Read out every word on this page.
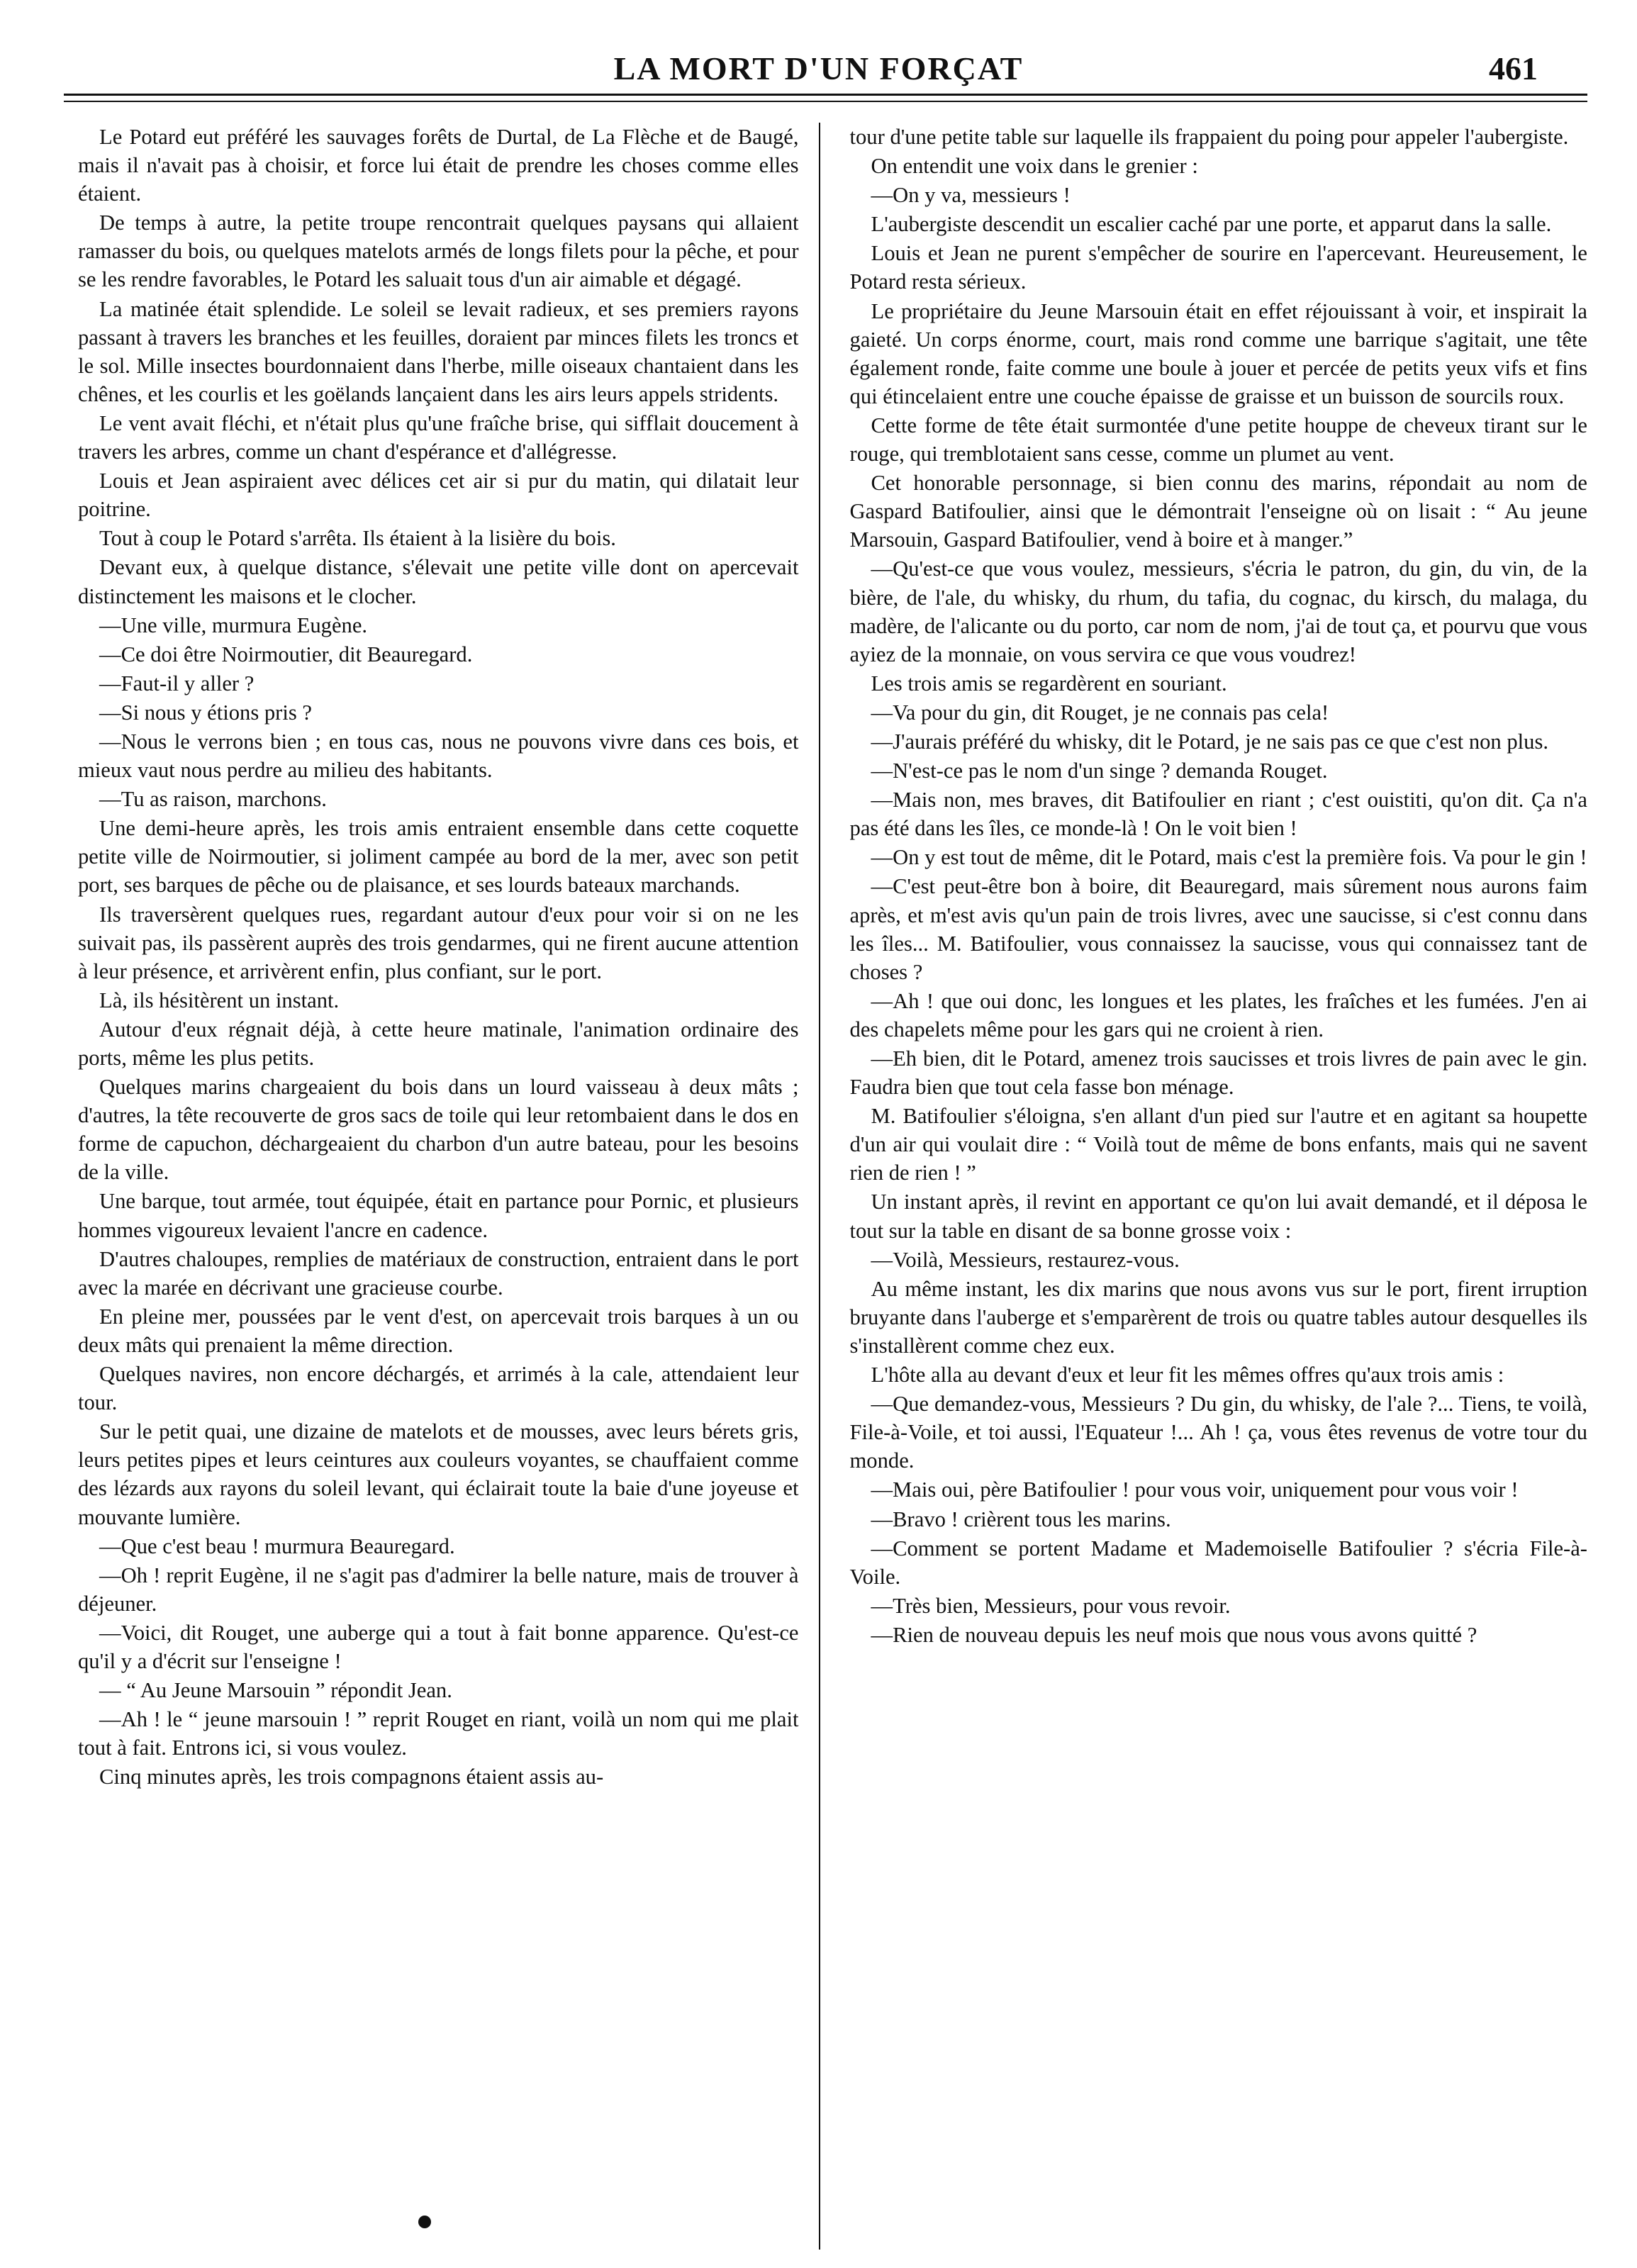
LA MORT D'UN FORÇAT	461

Le Potard eut préféré les sauvages forêts de Durtal, de La Flèche et de Baugé, mais il n'avait pas à choisir, et force lui était de prendre les choses comme elles étaient.

De temps à autre, la petite troupe rencontrait quelques paysans qui allaient ramasser du bois, ou quelques matelots armés de longs filets pour la pêche, et pour se les rendre favorables, le Potard les saluait tous d'un air aimable et dégagé.

La matinée était splendide. Le soleil se levait radieux, et ses premiers rayons passant à travers les branches et les feuilles, doraient par minces filets les troncs et le sol. Mille insectes bourdonnaient dans l'herbe, mille oiseaux chantaient dans les chênes, et les courlis et les goëlands lançaient dans les airs leurs appels stridents.

Le vent avait fléchi, et n'était plus qu'une fraîche brise, qui sifflait doucement à travers les arbres, comme un chant d'espérance et d'allégresse.

Louis et Jean aspiraient avec délices cet air si pur du matin, qui dilatait leur poitrine.

Tout à coup le Potard s'arrêta. Ils étaient à la lisière du bois.

Devant eux, à quelque distance, s'élevait une petite ville dont on apercevait distinctement les maisons et le clocher.

—Une ville, murmura Eugène.

—Ce doi être Noirmoutier, dit Beauregard.

—Faut-il y aller ?

—Si nous y étions pris ?

—Nous le verrons bien ; en tous cas, nous ne pouvons vivre dans ces bois, et mieux vaut nous perdre au milieu des habitants.

—Tu as raison, marchons.

Une demi-heure après, les trois amis entraient ensemble dans cette coquette petite ville de Noirmoutier, si joliment campée au bord de la mer, avec son petit port, ses barques de pêche ou de plaisance, et ses lourds bateaux marchands.

Ils traversèrent quelques rues, regardant autour d'eux pour voir si on ne les suivait pas, ils passèrent auprès des trois gendarmes, qui ne firent aucune attention à leur présence, et arrivèrent enfin, plus confiant, sur le port.

Là, ils hésitèrent un instant.

Autour d'eux régnait déjà, à cette heure matinale, l'animation ordinaire des ports, même les plus petits.

Quelques marins chargeaient du bois dans un lourd vaisseau à deux mâts ; d'autres, la tête recouverte de gros sacs de toile qui leur retombaient dans le dos en forme de capuchon, déchargeaient du charbon d'un autre bateau, pour les besoins de la ville.

Une barque, tout armée, tout équipée, était en partance pour Pornic, et plusieurs hommes vigoureux levaient l'ancre en cadence.

D'autres chaloupes, remplies de matériaux de construction, entraient dans le port avec la marée en décrivant une gracieuse courbe.

En pleine mer, poussées par le vent d'est, on apercevait trois barques à un ou deux mâts qui prenaient la même direction.

Quelques navires, non encore déchargés, et arrimés à la cale, attendaient leur tour.

Sur le petit quai, une dizaine de matelots et de mousses, avec leurs bérets gris, leurs petites pipes et leurs ceintures aux couleurs voyantes, se chauffaient comme des lézards aux rayons du soleil levant, qui éclairait toute la baie d'une joyeuse et mouvante lumière.

—Que c'est beau ! murmura Beauregard.

—Oh ! reprit Eugène, il ne s'agit pas d'admirer la belle nature, mais de trouver à déjeuner.

—Voici, dit Rouget, une auberge qui a tout à fait bonne apparence. Qu'est-ce qu'il y a d'écrit sur l'enseigne !

— “ Au Jeune Marsouin ” répondit Jean.

—Ah ! le “ jeune marsouin ! ” reprit Rouget en riant, voilà un nom qui me plait tout à fait. Entrons ici, si vous voulez.

Cinq minutes après, les trois compagnons étaient assis au-

tour d'une petite table sur laquelle ils frappaient du poing pour appeler l'aubergiste.

On entendit une voix dans le grenier :

—On y va, messieurs !

L'aubergiste descendit un escalier caché par une porte, et apparut dans la salle.

Louis et Jean ne purent s'empêcher de sourire en l'apercevant. Heureusement, le Potard resta sérieux.

Le propriétaire du Jeune Marsouin était en effet réjouissant à voir, et inspirait la gaieté. Un corps énorme, court, mais rond comme une barrique s'agitait, une tête également ronde, faite comme une boule à jouer et percée de petits yeux vifs et fins qui étincelaient entre une couche épaisse de graisse et un buisson de sourcils roux.

Cette forme de tête était surmontée d'une petite houppe de cheveux tirant sur le rouge, qui tremblotaient sans cesse, comme un plumet au vent.

Cet honorable personnage, si bien connu des marins, répondait au nom de Gaspard Batifoulier, ainsi que le démontrait l'enseigne où on lisait : “ Au jeune Marsouin, Gaspard Batifoulier, vend à boire et à manger.”

—Qu'est-ce que vous voulez, messieurs, s'écria le patron, du gin, du vin, de la bière, de l'ale, du whisky, du rhum, du tafia, du cognac, du kirsch, du malaga, du madère, de l'alicante ou du porto, car nom de nom, j'ai de tout ça, et pourvu que vous ayiez de la monnaie, on vous servira ce que vous voudrez!

Les trois amis se regardèrent en souriant.

—Va pour du gin, dit Rouget, je ne connais pas cela!

—J'aurais préféré du whisky, dit le Potard, je ne sais pas ce que c'est non plus.

—N'est-ce pas le nom d'un singe ? demanda Rouget.

—Mais non, mes braves, dit Batifoulier en riant ; c'est ouistiti, qu'on dit. Ça n'a pas été dans les îles, ce monde-là ! On le voit bien !

—On y est tout de même, dit le Potard, mais c'est la première fois. Va pour le gin !

—C'est peut-être bon à boire, dit Beauregard, mais sûrement nous aurons faim après, et m'est avis qu'un pain de trois livres, avec une saucisse, si c'est connu dans les îles... M. Batifoulier, vous connaissez la saucisse, vous qui connaissez tant de choses ?

—Ah ! que oui donc, les longues et les plates, les fraîches et les fumées. J'en ai des chapelets même pour les gars qui ne croient à rien.

—Eh bien, dit le Potard, amenez trois saucisses et trois livres de pain avec le gin. Faudra bien que tout cela fasse bon ménage.

M. Batifoulier s'éloigna, s'en allant d'un pied sur l'autre et en agitant sa houpette d'un air qui voulait dire : “ Voilà tout de même de bons enfants, mais qui ne savent rien de rien ! ”

Un instant après, il revint en apportant ce qu'on lui avait demandé, et il déposa le tout sur la table en disant de sa bonne grosse voix :

—Voilà, Messieurs, restaurez-vous.

Au même instant, les dix marins que nous avons vus sur le port, firent irruption bruyante dans l'auberge et s'emparèrent de trois ou quatre tables autour desquelles ils s'installèrent comme chez eux.

L'hôte alla au devant d'eux et leur fit les mêmes offres qu'aux trois amis :

—Que demandez-vous, Messieurs ? Du gin, du whisky, de l'ale ?... Tiens, te voilà, File-à-Voile, et toi aussi, l'Equateur !... Ah ! ça, vous êtes revenus de votre tour du monde.

—Mais oui, père Batifoulier ! pour vous voir, uniquement pour vous voir !

—Bravo ! crièrent tous les marins.

—Comment se portent Madame et Mademoiselle Batifoulier ? s'écria File-à-Voile.

—Très bien, Messieurs, pour vous revoir.

—Rien de nouveau depuis les neuf mois que nous vous avons quitté ?
